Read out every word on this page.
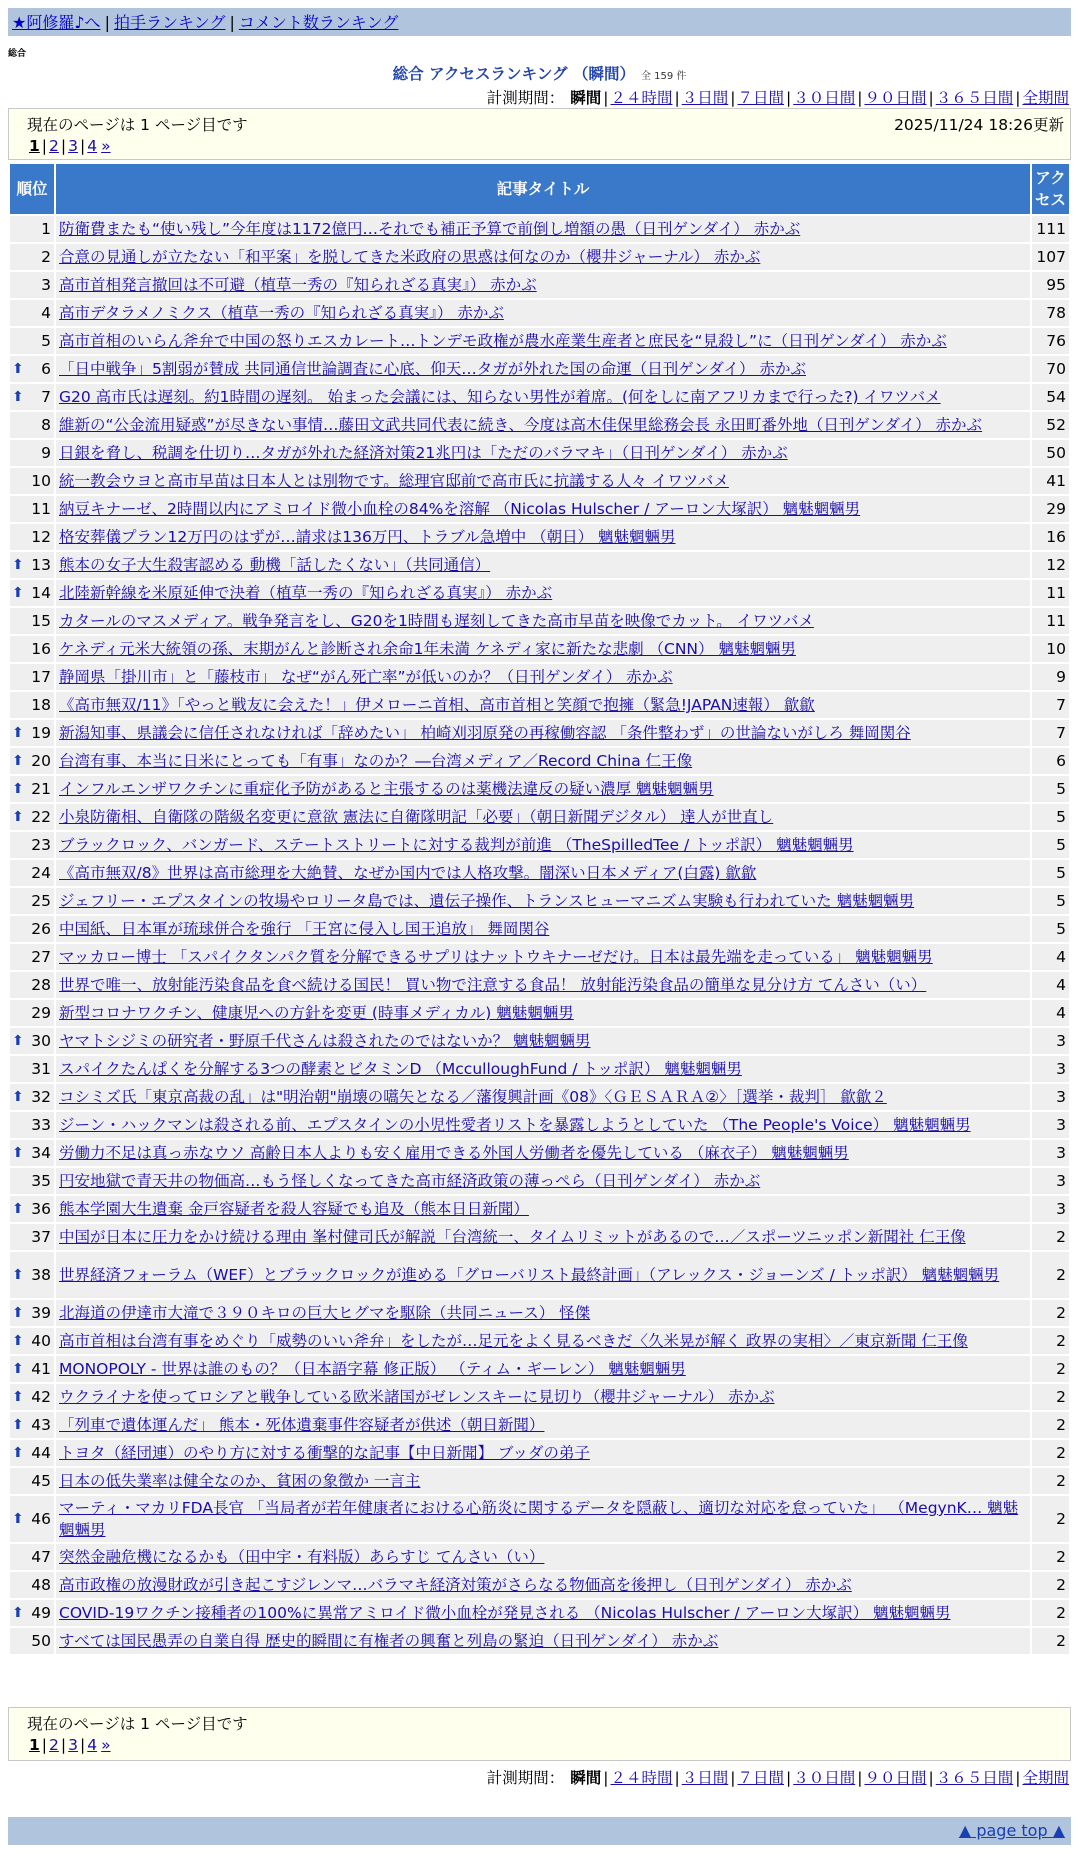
★阿修羅♪へ | 拍手ランキング | コメント数ランキング
総合
総合 アクセスランキング （瞬間） 全 159 件
計測期間： 瞬間 | ２４時間 | ３日間 | ７日間 | ３０日間 | ９０日間 | ３６５日間 | 全期間
現在のページは 1 ページ目です	2025/11/24 18:26更新
1 | 2 | 3 | 4 »
順位	記事タイトル	アクセス
1	防衛費またも“使い残し”今年度は1172億円…それでも補正予算で前倒し増額の愚（日刊ゲンダイ） 赤かぶ	111
2	合意の見通しが立たない「和平案」を脱してきた米政府の思惑は何なのか（櫻井ジャーナル） 赤かぶ	107
3	高市首相発言撤回は不可避（植草一秀の『知られざる真実』） 赤かぶ	95
4	高市デタラメノミクス（植草一秀の『知られざる真実』） 赤かぶ	78
5	高市首相のいらん斧弁で中国の怒りエスカレート…トンデモ政権が農水産業生産者と庶民を“見殺し”に（日刊ゲンダイ） 赤かぶ	76

⬆ 6	「日中戦争」5割弱が賛成 共同通信世論調査に心底、仰天…タガが外れた国の命運（日刊ゲンダイ） 赤かぶ	70

⬆ 7	G20 高市氏は遅刻。約1時間の遅刻。 始まった会議には、知らない男性が着席。(何をしに南アフリカまで行った?) イワツバメ	54
8	維新の“公金流用疑惑”が尽きない事情…藤田文武共同代表に続き、今度は高木佳保里総務会長 永田町番外地（日刊ゲンダイ） 赤かぶ	52
9	日銀を脅し、税調を仕切り…タガが外れた経済対策21兆円は「ただのバラマキ」（日刊ゲンダイ） 赤かぶ	50
10	統一教会ウヨと高市早苗は日本人とは別物です。総理官邸前で高市氏に抗議する人々 イワツバメ	41
11	納豆キナーゼ、2時間以内にアミロイド微小血栓の84%を溶解 （Nicolas Hulscher / アーロン大塚訳） 魑魅魍魎男	29
12	格安葬儀プラン12万円のはずが…請求は136万円、トラブル急増中 （朝日） 魑魅魍魎男	16

⬆ 13	熊本の女子大生殺害認める 動機「話したくない」（共同通信）	12

⬆ 14	北陸新幹線を米原延伸で決着（植草一秀の『知られざる真実』） 赤かぶ	11
15	カタールのマスメディア。戦争発言をし、G20を1時間も遅刻してきた高市早苗を映像でカット。 イワツバメ	11
16	ケネディ元米大統領の孫、末期がんと診断され余命1年未満 ケネディ家に新たな悲劇 （CNN） 魑魅魍魎男	10
17	静岡県「掛川市」と「藤枝市」 なぜ“がん死亡率”が低いのか？（日刊ゲンダイ） 赤かぶ	9
18	《高市無双/11》「やっと戦友に会えた！」伊メローニ首相、高市首相と笑顔で抱擁（緊急!JAPAN速報） 歙歙	7

⬆ 19	新潟知事、県議会に信任されなければ「辞めたい」 柏崎刈羽原発の再稼働容認 「条件整わず」の世論ないがしろ 舞岡関谷	7

⬆ 20	台湾有事、本当に日米にとっても「有事」なのか？―台湾メディア／Record China 仁王像	6

⬆ 21	インフルエンザワクチンに重症化予防があると主張するのは薬機法違反の疑い濃厚 魑魅魍魎男	5

⬆ 22	小泉防衛相、自衛隊の階級名変更に意欲 憲法に自衛隊明記「必要」（朝日新聞デジタル） 達人が世直し	5
23	ブラックロック、バンガード、ステートストリートに対する裁判が前進 （TheSpilledTee / トッポ訳） 魑魅魍魎男	5
24	《高市無双/8》世界は高市総理を大絶賛、なぜか国内では人格攻撃。闇深い日本メディア(白露) 歙歙	5
25	ジェフリー・エプスタインの牧場やロリータ島では、遺伝子操作、トランスヒューマニズム実験も行われていた 魑魅魍魎男	5
26	中国紙、日本軍が琉球併合を強行 「王宮に侵入し国王追放」 舞岡関谷	5
27	マッカロー博士 「スパイクタンパク質を分解できるサプリはナットウキナーゼだけ。日本は最先端を走っている」 魑魅魍魎男	4
28	世界で唯一、放射能汚染食品を食べ続ける国民！ 買い物で注意する食品！ 放射能汚染食品の簡単な見分け方 てんさい（い）	4
29	新型コロナワクチン、健康児への方針を変更 (時事メディカル) 魑魅魍魎男	4

⬆ 30	ヤマトシジミの研究者・野原千代さんは殺されたのではないか？ 魑魅魍魎男	3
31	スパイクたんぱくを分解する3つの酵素とビタミンD （McculloughFund / トッポ訳） 魑魅魍魎男	3

⬆ 32	コシミズ氏「東京高裁の乱」は"明治朝"崩壊の嚆矢となる／藩復興計画《08》〈ＧＥＳＡＲＡ②〉［選挙・裁判］ 歙歙２	3
33	ジーン・ハックマンは殺される前、エプスタインの小児性愛者リストを暴露しようとしていた （The People's Voice） 魑魅魍魎男	3

⬆ 34	労働力不足は真っ赤なウソ 高齢日本人よりも安く雇用できる外国人労働者を優先している （麻衣子） 魑魅魍魎男	3
35	円安地獄で青天井の物価高…もう怪しくなってきた高市経済政策の薄っぺら（日刊ゲンダイ） 赤かぶ	3

⬆ 36	熊本学園大生遺棄 金戸容疑者を殺人容疑でも追及（熊本日日新聞）	3
37	中国が日本に圧力をかけ続ける理由 峯村健司氏が解説「台湾統一、タイムリミットがあるので…／スポーツニッポン新聞社 仁王像	2

⬆ 38	世界経済フォーラム（WEF）とブラックロックが進める「グローバリスト最終計画」（アレックス・ジョーンズ / トッポ訳） 魑魅魍魎男	2

⬆ 39	北海道の伊達市大滝で３９０キロの巨大ヒグマを駆除（共同ニュース） 怪傑	2

⬆ 40	高市首相は台湾有事をめぐり「威勢のいい斧弁」をしたが…足元をよく見るべきだ〈久米晃が解く 政界の実相〉／東京新聞 仁王像	2

⬆ 41	MONOPOLY - 世界は誰のもの？（日本語字幕 修正版） （ティム・ギーレン） 魑魅魍魎男	2

⬆ 42	ウクライナを使ってロシアと戦争している欧米諸国がゼレンスキーに見切り（櫻井ジャーナル） 赤かぶ	2

⬆ 43	「列車で遺体運んだ」 熊本・死体遺棄事件容疑者が供述（朝日新聞）	2

⬆ 44	トヨタ（経団連）のやり方に対する衝撃的な記事【中日新聞】 ブッダの弟子	2
45	日本の低失業率は健全なのか、貧困の象徴か 一言主	2

⬆ 46	マーティ・マカリFDA長官 「当局者が若年健康者における心筋炎に関するデータを隠蔽し、適切な対応を怠っていた」 （MegynK… 魑魅魍魎男	2
47	突然金融危機になるかも（田中宇・有料版）あらすじ てんさい（い）	2
48	高市政権の放漫財政が引き起こすジレンマ…バラマキ経済対策がさらなる物価高を後押し（日刊ゲンダイ） 赤かぶ	2

⬆ 49	COVID-19ワクチン接種者の100%に異常アミロイド微小血栓が発見される （Nicolas Hulscher / アーロン大塚訳） 魑魅魍魎男	2
50	すべては国民愚弄の自業自得 歴史的瞬間に有権者の興奮と列島の緊迫（日刊ゲンダイ） 赤かぶ	2
現在のページは 1 ページ目です
1 | 2 | 3 | 4 »
計測期間： 瞬間 | ２４時間 | ３日間 | ７日間 | ３０日間 | ９０日間 | ３６５日間 | 全期間
▲ page top ▲
